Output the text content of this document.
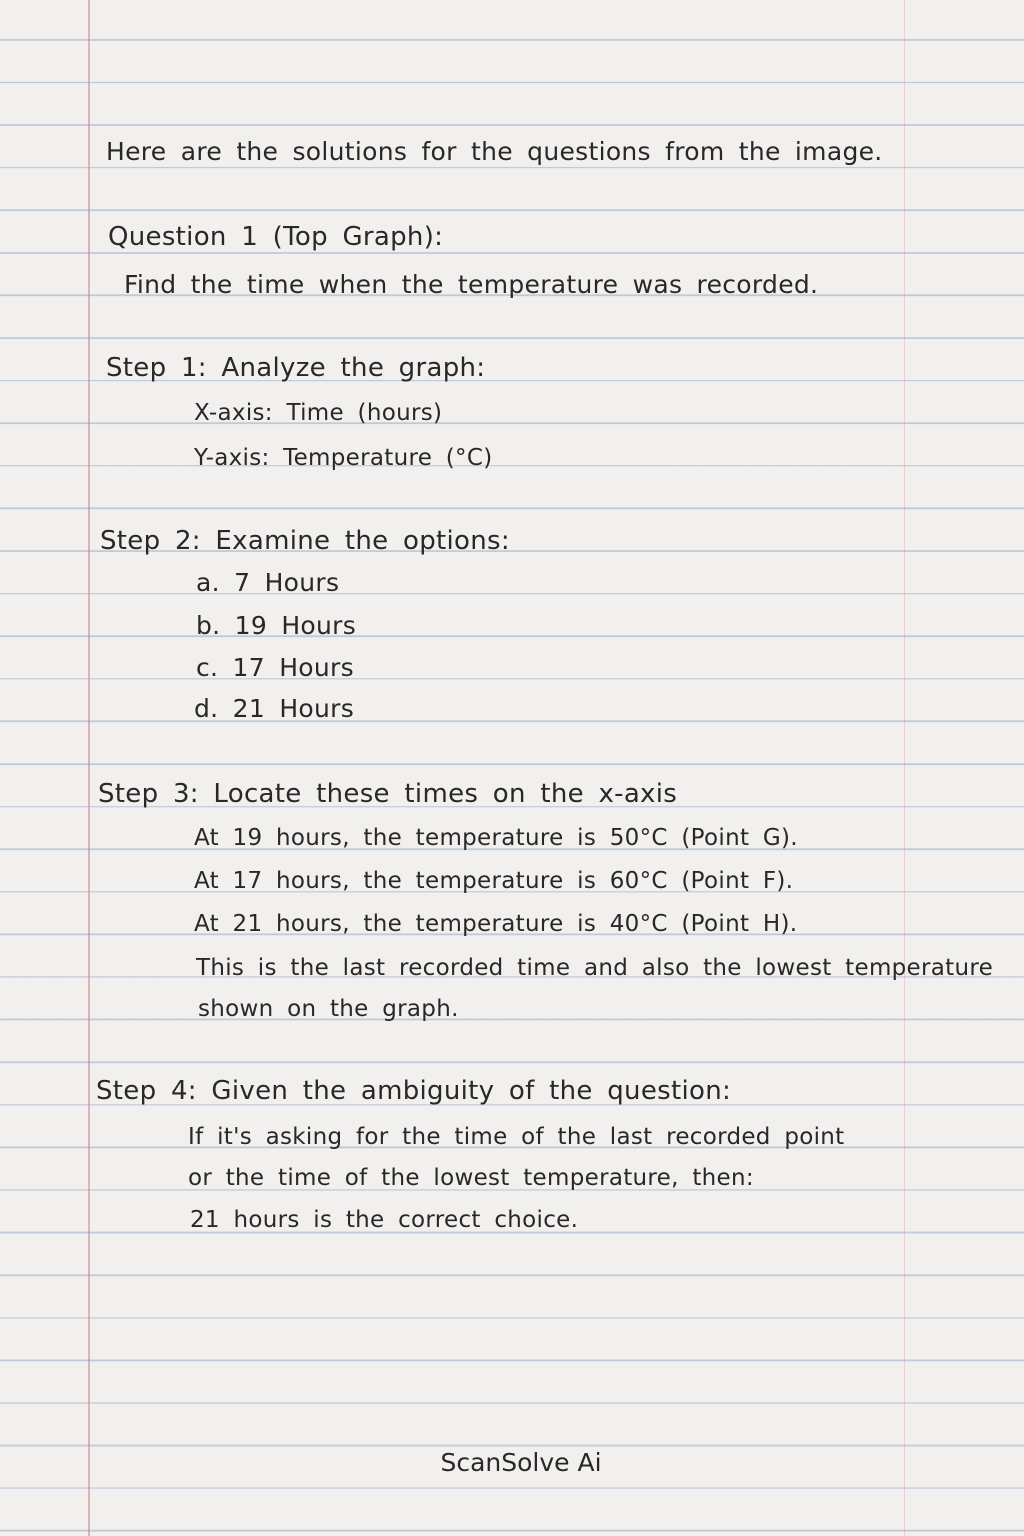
Here are the solutions for the questions from the image.
Question 1 (Top Graph):
Find the time when the temperature was recorded.
Step 1: Analyze the graph:
X-axis: Time (hours)
Y-axis: Temperature (°C)
Step 2: Examine the options:
a. 7 Hours
b. 19 Hours
c. 17 Hours
d. 21 Hours
Step 3: Locate these times on the x-axis
At 19 hours, the temperature is 50°C (Point G).
At 17 hours, the temperature is 60°C (Point F).
At 21 hours, the temperature is 40°C (Point H).
This is the last recorded time and also the lowest temperature
shown on the graph.
Step 4: Given the ambiguity of the question:
If it's asking for the time of the last recorded point
or the time of the lowest temperature, then:
21 hours is the correct choice.
ScanSolve Ai
